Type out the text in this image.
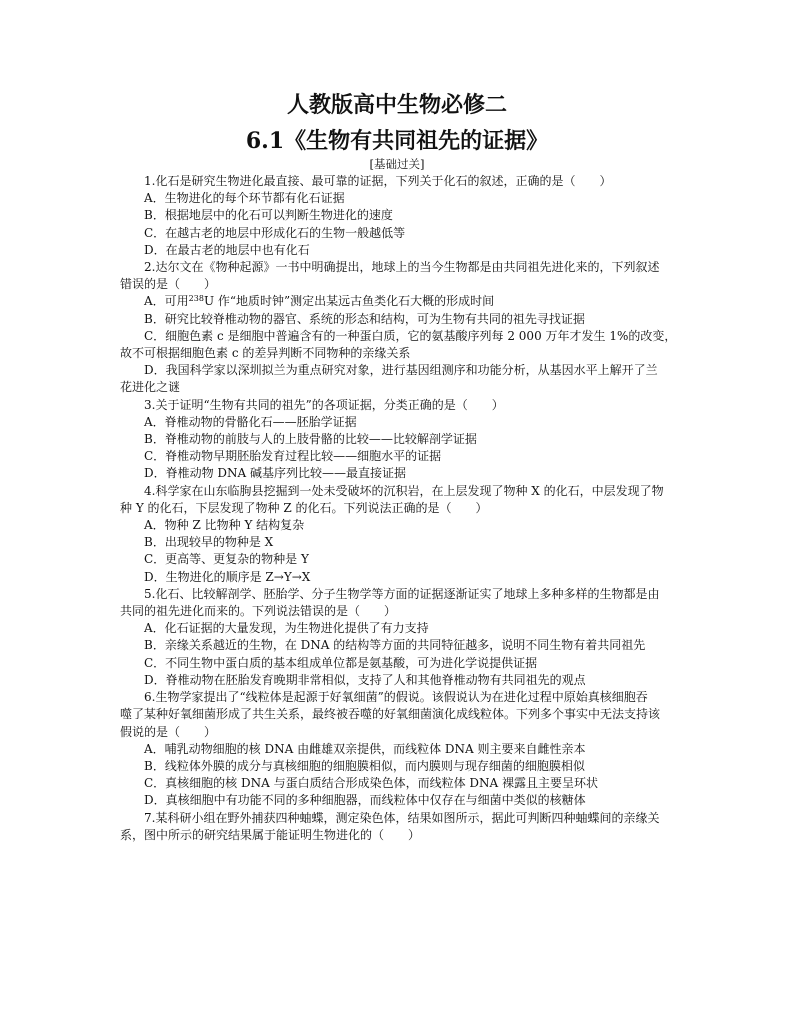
人教版高中生物必修二
6.1《生物有共同祖先的证据》
[基础过关]

1.化石是研究生物进化最直接、最可靠的证据，下列关于化石的叙述，正确的是（　　）

A．生物进化的每个环节都有化石证据

B．根据地层中的化石可以判断生物进化的速度

C．在越古老的地层中形成化石的生物一般越低等

D．在最古老的地层中也有化石

2.达尔文在《物种起源》一书中明确提出，地球上的当今生物都是由共同祖先进化来的，下列叙述

错误的是（　　）

A．可用$^{238}$U 作“地质时钟”测定出某远古鱼类化石大概的形成时间

B．研究比较脊椎动物的器官、系统的形态和结构，可为生物有共同的祖先寻找证据

C．细胞色素 c 是细胞中普遍含有的一种蛋白质，它的氨基酸序列每 2 000 万年才发生 1%的改变，

故不可根据细胞色素 c 的差异判断不同物种的亲缘关系

D．我国科学家以深圳拟兰为重点研究对象，进行基因组测序和功能分析，从基因水平上解开了兰

花进化之谜

3.关于证明“生物有共同的祖先”的各项证据，分类正确的是（　　）

A．脊椎动物的骨骼化石——胚胎学证据

B．脊椎动物的前肢与人的上肢骨骼的比较——比较解剖学证据

C．脊椎动物早期胚胎发育过程比较——细胞水平的证据

D．脊椎动物 DNA 碱基序列比较——最直接证据

4.科学家在山东临朐县挖掘到一处未受破坏的沉积岩，在上层发现了物种 X 的化石，中层发现了物

种 Y 的化石，下层发现了物种 Z 的化石。下列说法正确的是（　　）

A．物种 Z 比物种 Y 结构复杂

B．出现较早的物种是 X

C．更高等、更复杂的物种是 Y

D．生物进化的顺序是 Z→Y→X

5.化石、比较解剖学、胚胎学、分子生物学等方面的证据逐渐证实了地球上多种多样的生物都是由

共同的祖先进化而来的。下列说法错误的是（　　）

A．化石证据的大量发现，为生物进化提供了有力支持

B．亲缘关系越近的生物，在 DNA 的结构等方面的共同特征越多，说明不同生物有着共同祖先

C．不同生物中蛋白质的基本组成单位都是氨基酸，可为进化学说提供证据

D．脊椎动物在胚胎发育晚期非常相似，支持了人和其他脊椎动物有共同祖先的观点

6.生物学家提出了“线粒体是起源于好氧细菌”的假说。该假说认为在进化过程中原始真核细胞吞

噬了某种好氧细菌形成了共生关系，最终被吞噬的好氧细菌演化成线粒体。下列多个事实中无法支持该

假说的是（　　）

A．哺乳动物细胞的核 DNA 由雌雄双亲提供，而线粒体 DNA 则主要来自雌性亲本

B．线粒体外膜的成分与真核细胞的细胞膜相似，而内膜则与现存细菌的细胞膜相似

C．真核细胞的核 DNA 与蛋白质结合形成染色体，而线粒体 DNA 裸露且主要呈环状

D．真核细胞中有功能不同的多种细胞器，而线粒体中仅存在与细菌中类似的核糖体

7.某科研小组在野外捕获四种蚰蝶，测定染色体，结果如图所示，据此可判断四种蚰蝶间的亲缘关

系，图中所示的研究结果属于能证明生物进化的（　　）
